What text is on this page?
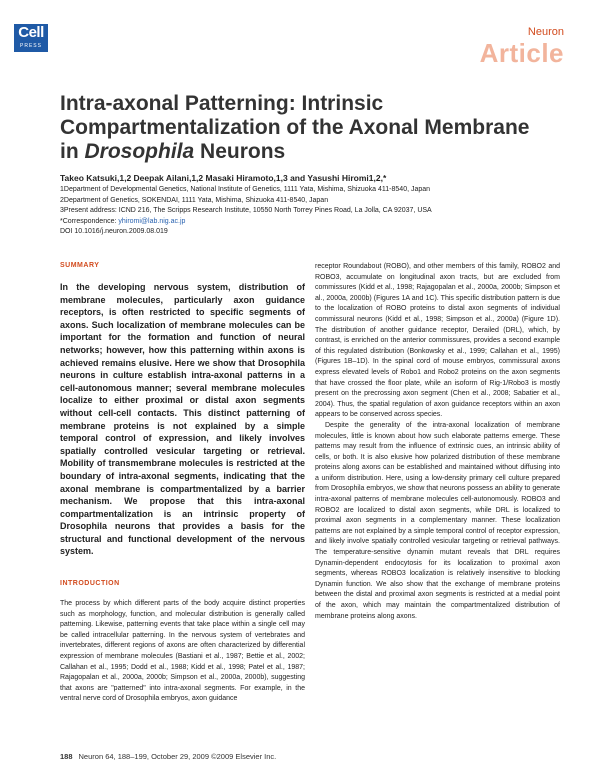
Cell
PRESS
Neuron
Article
Intra-axonal Patterning: Intrinsic
Compartmentalization of the Axonal Membrane
in Drosophila Neurons
Takeo Katsuki,1,2 Deepak Ailani,1,2 Masaki Hiramoto,1,3 and Yasushi Hiromi1,2,*
1Department of Developmental Genetics, National Institute of Genetics, 1111 Yata, Mishima, Shizuoka 411-8540, Japan
2Department of Genetics, SOKENDAI, 1111 Yata, Mishima, Shizuoka 411-8540, Japan
3Present address: ICND 216, The Scripps Research Institute, 10550 North Torrey Pines Road, La Jolla, CA 92037, USA
*Correspondence: yhiromi@lab.nig.ac.jp
DOI 10.1016/j.neuron.2009.08.019
SUMMARY

In the developing nervous system, distribution of membrane molecules, particularly axon guidance receptors, is often restricted to specific segments of axons. Such localization of membrane molecules can be important for the formation and function of neural networks; however, how this patterning within axons is achieved remains elusive. Here we show that Drosophila neurons in culture establish intra-axonal patterns in a cell-autonomous manner; several membrane molecules localize to either proximal or distal axon segments without cell-cell contacts. This distinct patterning of membrane proteins is not explained by a simple temporal control of expression, and likely involves spatially controlled vesicular targeting or retrieval. Mobility of transmembrane molecules is restricted at the boundary of intra-axonal segments, indicating that the axonal membrane is compartmentalized by a barrier mechanism. We propose that this intra-axonal compartmentalization is an intrinsic property of Drosophila neurons that provides a basis for the structural and functional development of the nervous system.

INTRODUCTION

The process by which different parts of the body acquire distinct properties such as morphology, function, and molecular distribution is generally called patterning. Likewise, patterning events that take place within a single cell may be called intracellular patterning. In the nervous system of vertebrates and invertebrates, different regions of axons are often characterized by differential expression of membrane molecules (Bastiani et al., 1987; Bettie et al., 2002; Callahan et al., 1995; Dodd et al., 1988; Kidd et al., 1998; Patel et al., 1987; Rajagopalan et al., 2000a, 2000b; Simpson et al., 2000a, 2000b), suggesting that axons are "patterned" into intra-axonal segments. For example, in the ventral nerve cord of Drosophila embryos, axon guidance

receptor Roundabout (ROBO), and other members of this family, ROBO2 and ROBO3, accumulate on longitudinal axon tracts, but are excluded from commissures (Kidd et al., 1998; Rajagopalan et al., 2000a, 2000b; Simpson et al., 2000a, 2000b) (Figures 1A and 1C). This specific distribution pattern is due to the localization of ROBO proteins to distal axon segments of individual commissural neurons (Kidd et al., 1998; Simpson et al., 2000a) (Figure 1D). The distribution of another guidance receptor, Derailed (DRL), which, by contrast, is enriched on the anterior commissures, provides a second example of this regulated distribution (Bonkowsky et al., 1999; Callahan et al., 1995) (Figures 1B–1D). In the spinal cord of mouse embryos, commissural axons express elevated levels of Robo1 and Robo2 proteins on the axon segments that have crossed the floor plate, while an isoform of Rig-1/Robo3 is mostly present on the precrossing axon segment (Chen et al., 2008; Sabatier et al., 2004). Thus, the spatial regulation of axon guidance receptors within an axon appears to be conserved across species.

Despite the generality of the intra-axonal localization of membrane molecules, little is known about how such elaborate patterns emerge. These patterns may result from the influence of extrinsic cues, an intrinsic ability of cells, or both. It is also elusive how polarized distribution of these membrane proteins along axons can be established and maintained without diffusing into a uniform distribution. Here, using a low-density primary cell culture prepared from Drosophila embryos, we show that neurons possess an ability to generate intra-axonal patterns of membrane molecules cell-autonomously. ROBO3 and ROBO2 are localized to distal axon segments, while DRL is localized to proximal axon segments in a complementary manner. These localization patterns are not explained by a simple temporal control of receptor expression, and likely involve spatially controlled vesicular targeting or retrieval pathways. The temperature-sensitive dynamin mutant reveals that DRL requires Dynamin-dependent endocytosis for its localization to proximal axon segments, whereas ROBO3 localization is relatively insensitive to blocking Dynamin function. We also show that the exchange of membrane proteins between the distal and proximal axon segments is restricted at a medial point of the axon, which may maintain the compartmentalized distribution of membrane proteins along axons.

188 Neuron 64, 188–199, October 29, 2009 ©2009 Elsevier Inc.
